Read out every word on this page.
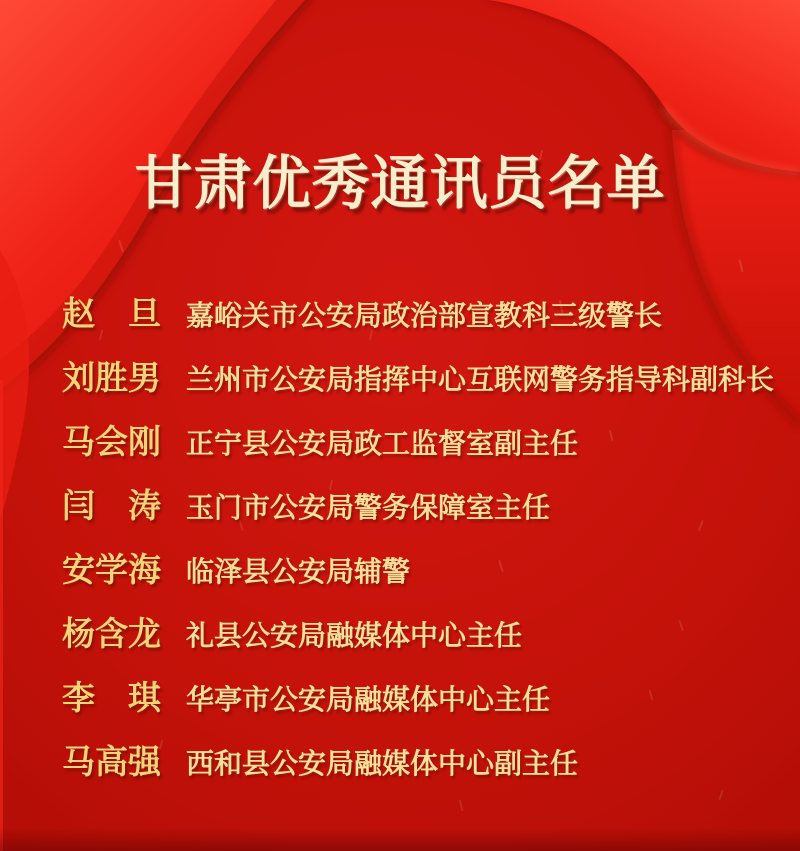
甘肃优秀通讯员名单
赵　旦 嘉峪关市公安局政治部宣教科三级警长
刘胜男 兰州市公安局指挥中心互联网警务指导科副科长
马会刚 正宁县公安局政工监督室副主任
闫　涛 玉门市公安局警务保障室主任
安学海 临泽县公安局辅警
杨含龙 礼县公安局融媒体中心主任
李　琪 华亭市公安局融媒体中心主任
马高强 西和县公安局融媒体中心副主任
